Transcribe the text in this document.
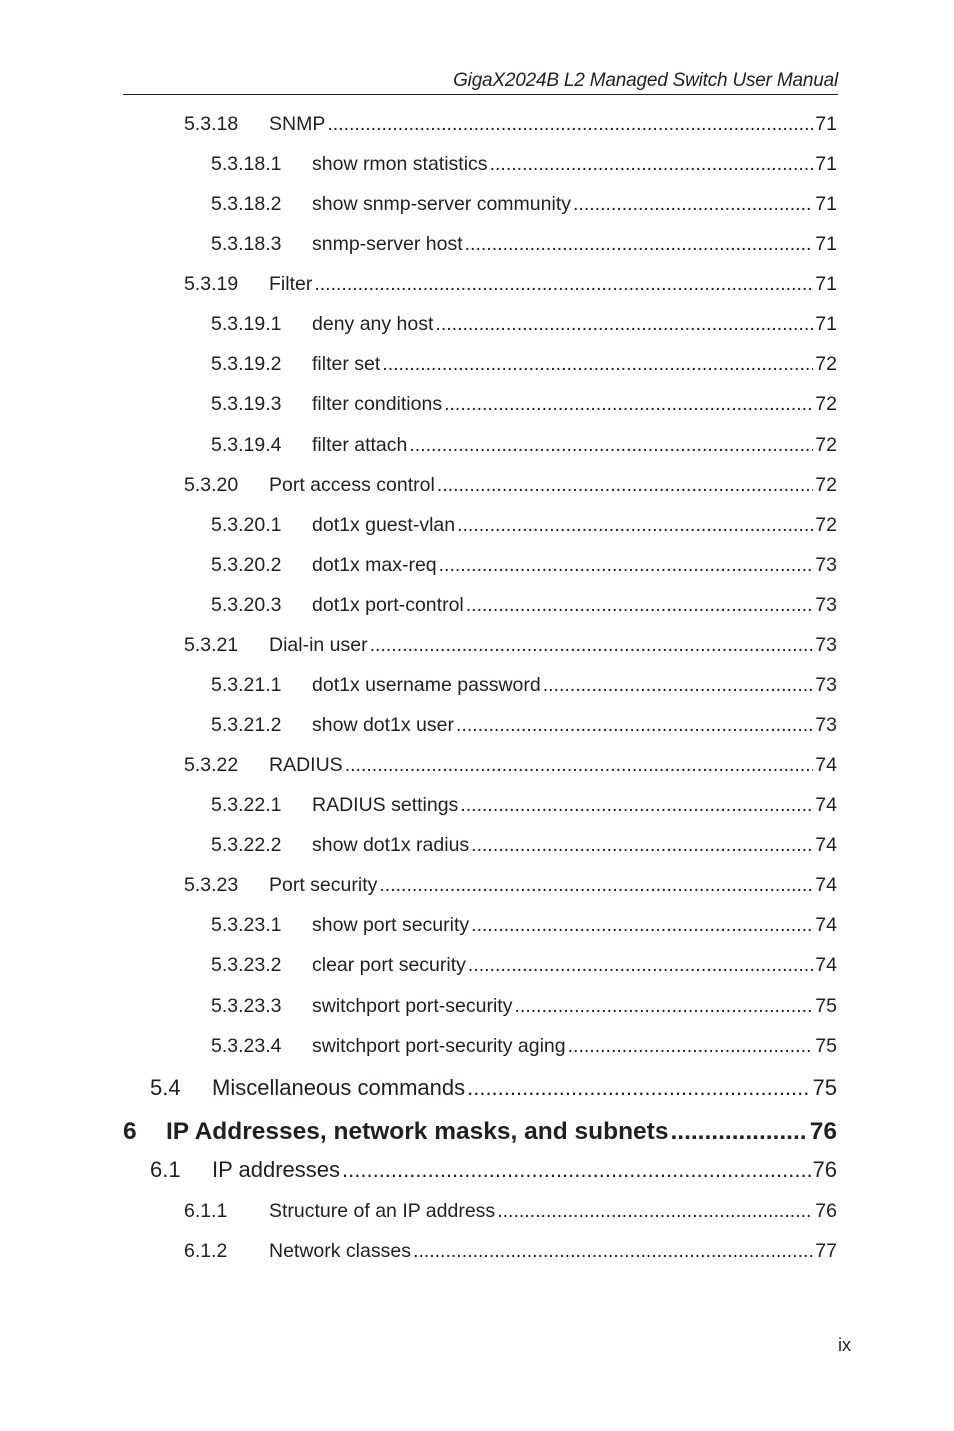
GigaX2024B L2 Managed Switch User Manual
5.3.18	SNMP .....	71
5.3.18.1	show rmon statistics .....	71
5.3.18.2	show snmp-server community .....	71
5.3.18.3	snmp-server host .....	71
5.3.19	Filter .....	71
5.3.19.1	deny any host .....	71
5.3.19.2	filter set .....	72
5.3.19.3	filter conditions .....	72
5.3.19.4	filter attach .....	72
5.3.20	Port access control .....	72
5.3.20.1	dot1x guest-vlan .....	72
5.3.20.2	dot1x max-req .....	73
5.3.20.3	dot1x port-control .....	73
5.3.21	Dial-in user .....	73
5.3.21.1	dot1x username password .....	73
5.3.21.2	show dot1x user .....	73
5.3.22	RADIUS .....	74
5.3.22.1	RADIUS settings .....	74
5.3.22.2	show dot1x radius .....	74
5.3.23	Port security .....	74
5.3.23.1	show port security .....	74
5.3.23.2	clear port security .....	74
5.3.23.3	switchport port-security .....	75
5.3.23.4	switchport port-security aging .....	75
5.4	Miscellaneous commands .....	75
6	IP Addresses, network masks, and subnets .....	76
6.1	IP addresses .....	76
6.1.1	Structure of an IP address .....	76
6.1.2	Network classes .....	77
ix
